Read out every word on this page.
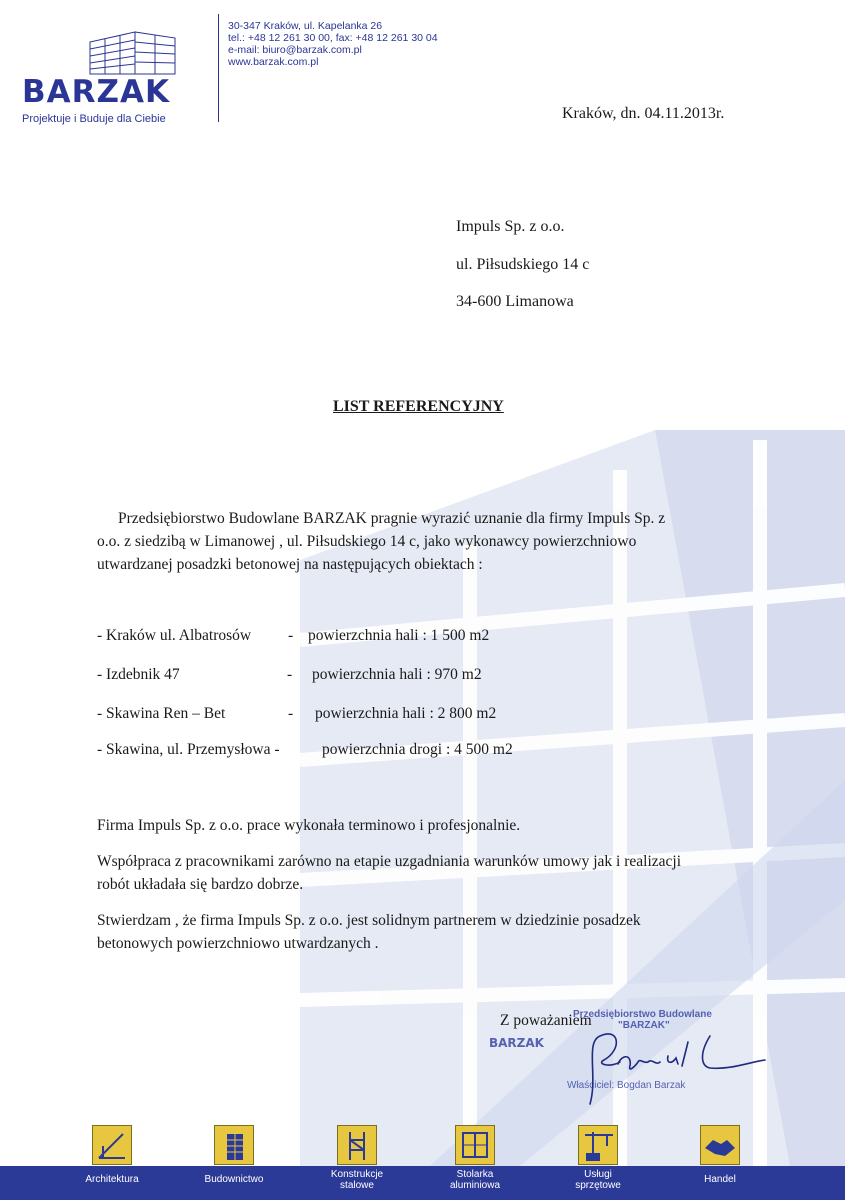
BARZAK
Projektuje i Buduje dla Ciebie
30-347 Kraków, ul. Kapelanka 26
tel.: +48 12 261 30 00, fax: +48 12 261 30 04
e-mail: biuro@barzak.com.pl
www.barzak.com.pl
Kraków, dn. 04.11.2013r.
Impuls Sp. z o.o.
ul. Piłsudskiego 14 c
34-600 Limanowa
LIST REFERENCYJNY
Przedsiębiorstwo Budowlane BARZAK pragnie wyrazić uznanie dla firmy Impuls Sp. z
o.o. z siedzibą w Limanowej , ul. Piłsudskiego 14 c, jako wykonawcy powierzchniowo
utwardzanej posadzki betonowej na następujących obiektach :
- Kraków ul. Albatrosów - powierzchnia hali : 1 500 m2
- Izdebnik 47	- powierzchnia hali : 970 m2
- Skawina Ren – Bet	- powierzchnia hali : 2 800 m2
- Skawina, ul. Przemysłowa -	powierzchnia drogi : 4 500 m2
Firma Impuls Sp. z o.o. prace wykonała terminowo i profesjonalnie.
Współpraca z pracownikami zarówno na etapie uzgadniania warunków umowy jak i realizacji
robót układała się bardzo dobrze.
Stwierdzam , że firma Impuls Sp. z o.o. jest solidnym partnerem w dziedzinie posadzek
betonowych powierzchniowo utwardzanych .
Z poważaniem
Przedsiębiorstwo Budowlane
"BARZAK"
BARZAK
Właściciel: Bogdan Barzak
Architektura	Budownictwo	Konstrukcje
stalowe
Stolarka
aluminiowa
Usługi
sprzętowe
Handel
